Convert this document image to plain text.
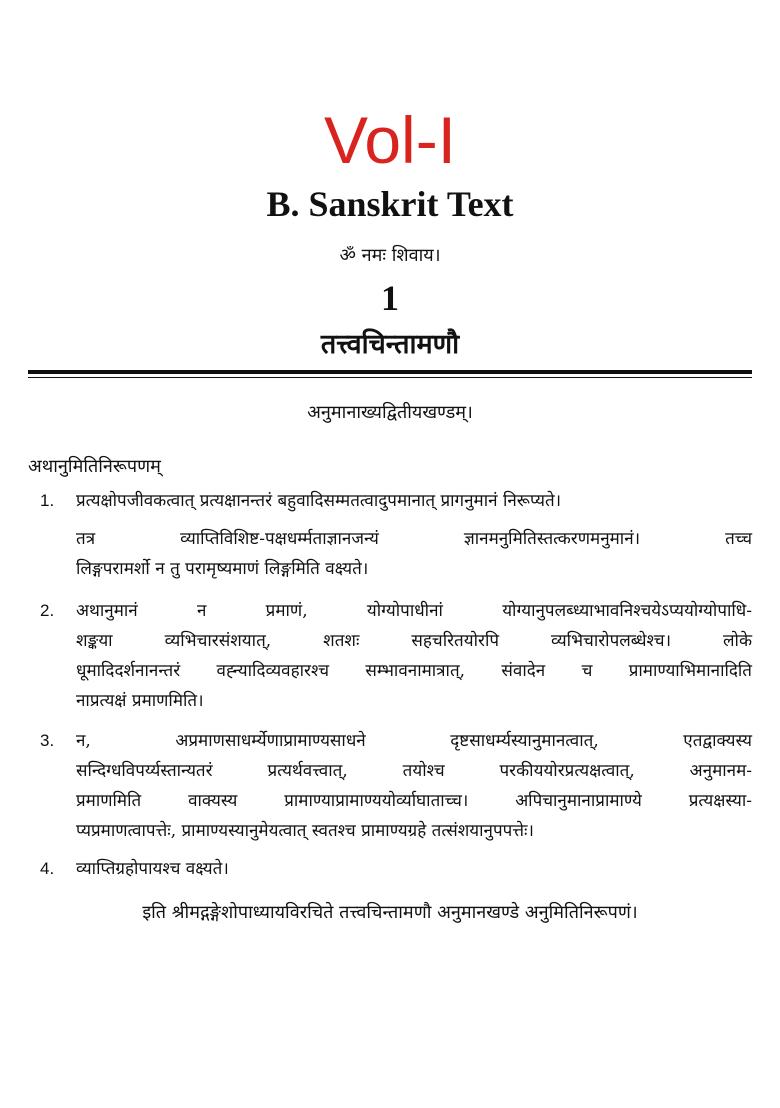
Vol-I
B. Sanskrit Text
ॐ नमः शिवाय।
1
तत्त्वचिन्तामणौ
अनुमानाख्यद्वितीयखण्डम्।
अथानुमितिनिरूपणम्
1.	प्रत्यक्षोपजीवकत्वात् प्रत्यक्षानन्तरं बहुवादिसम्मतत्वादुपमानात् प्रागनुमानं निरूप्यते।
तत्र व्याप्तिविशिष्ट-पक्षधर्म्मताज्ञानजन्यं ज्ञानमनुमितिस्तत्करणमनुमानं। तच्च
लिङ्गपरामर्शो न तु परामृष्यमाणं लिङ्गमिति वक्ष्यते।
2.	अथानुमानं न प्रमाणं, योग्योपाधीनां योग्यानुपलब्ध्याभावनिश्चयेऽप्ययोग्योपाधि-
शङ्कया व्यभिचारसंशयात्, शतशः सहचरितयोरपि व्यभिचारोपलब्धेश्च। लोके
धूमादिदर्शनानन्तरं वह्न्यादिव्यवहारश्च सम्भावनामात्रात्, संवादेन च प्रामाण्याभिमानादिति
नाप्रत्यक्षं प्रमाणमिति।
3.	न, अप्रमाणसाधर्म्येणाप्रामाण्यसाधने दृष्टसाधर्म्यस्यानुमानत्वात्, एतद्वाक्यस्य
सन्दिग्धविपर्य्यस्तान्यतरं प्रत्यर्थवत्त्वात्, तयोश्च परकीययोरप्रत्यक्षत्वात्, अनुमानम-
प्रमाणमिति वाक्यस्य प्रामाण्याप्रामाण्ययोर्व्याघाताच्च। अपिचानुमानाप्रामाण्ये प्रत्यक्षस्या-
प्यप्रमाणत्वापत्तेः, प्रामाण्यस्यानुमेयत्वात् स्वतश्च प्रामाण्यग्रहे तत्संशयानुपपत्तेः।
4.	व्याप्तिग्रहोपायश्च वक्ष्यते।
इति श्रीमद्गङ्गेशोपाध्यायविरचिते तत्त्वचिन्तामणौ अनुमानखण्डे अनुमितिनिरूपणं।
